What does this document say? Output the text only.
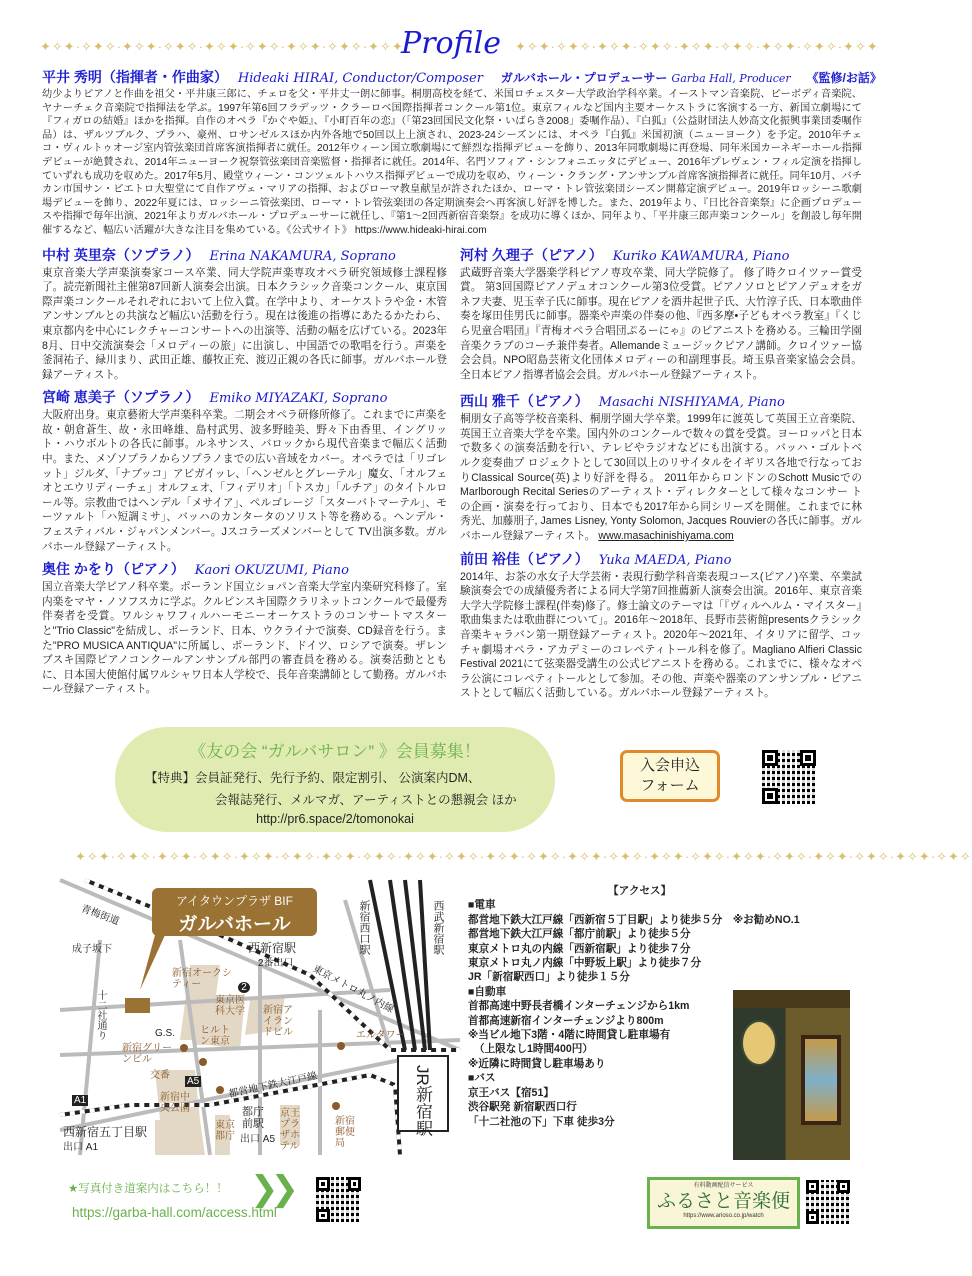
✦✧✦·✧✦✧·✦✧✦·✧✦✧·✦✧✦·✧✦✧·✦✧✦·✧✦✧·✦✧✦
Profile	✦✧✦·✧✦✧·✦✧✦·✧✦✧·✦✧✦·✧✦✧·✦✧✦·✧✦✧·✦✧✦
平井 秀明（指揮者・作曲家） Hideaki HIRAI, Conductor/Composer ガルバホール・プロデューサー Garba Hall, Producer 《監修/お話》
幼少よりピアノと作曲を祖父・平井康三郎に、チェロを父・平井丈一朗に師事。桐朋高校を経て、米国ロチェスター大学政治学科卒業。イーストマン音楽院、ピーボディ音楽院、ヤナーチェク音楽院で指揮法を学ぶ。1997年第6回フラデッツ・クラーロベ国際指揮者コンクール第1位。東京フィルなど国内主要オーケストラに客演する一方、新国立劇場にて『フィガロの結婚』ほかを指揮。自作のオペラ『かぐや姫』、『小町百年の恋』（「第23回国民文化祭・いばらき2008」委嘱作品）、『白狐』（公益財団法人妙高文化振興事業団委嘱作品）は、ザルツブルク、プラハ、豪州、ロサンゼルスほか内外各地で50回以上上演され、2023-24シーズンには、オペラ『白狐』米国初演（ニューヨーク）を予定。2010年チェコ・ヴィルトゥオージ室内管弦楽団首席客演指揮者に就任。2012年ウィーン国立歌劇場にて鮮烈な指揮デビューを飾り、2013年同歌劇場に再登場、同年米国カーネギーホール指揮デビューが絶賛され、2014年ニューヨーク祝祭管弦楽団音楽監督・指揮者に就任。2014年、名門ソフィア・シンフォニエッタにデビュー、2016年プレヴェン・フィル定演を指揮していずれも成功を収めた。2017年5月、殿堂ウィーン・コンツェルトハウス指揮デビューで成功を収め、ウィーン・クラング・アンサンブル首席客演指揮者に就任。同年10月、バチカン市国サン・ピエトロ大聖堂にて自作アヴェ・マリアの指揮、およびローマ教皇献呈が許されたほか、ローマ・トレ管弦楽団シーズン開幕定演デビュー。2019年ロッシーニ歌劇場デビューを飾り、2022年夏には、ロッシーニ管弦楽団、ローマ・トレ管弦楽団の各定期演奏会へ再客演し好評を博した。また、2019年より、『日比谷音楽祭』に企画プロデュースや指揮で毎年出演、2021年よりガルバホール・プロデューサーに就任し、『第1～2回西新宿音楽祭』を成功に導くほか、同年より、「平井康三郎声楽コンクール」を創設し毎年開催するなど、幅広い活躍が大きな注目を集めている。《公式サイト》 https://www.hideaki-hirai.com
中村 英里奈（ソプラノ） Erina NAKAMURA, Soprano
東京音楽大学声楽演奏家コース卒業、同大学院声楽専攻オペラ研究領域修士課程修了。読売新聞社主催第87回新人演奏会出演。日本クラシック音楽コンクール、東京国際声楽コンクールそれぞれにおいて上位入賞。在学中より、オーケストラや金・木管アンサンブルとの共演など幅広い活動を行う。現在は後進の指導にあたるかたわら、東京都内を中心にレクチャーコンサートへの出演等、活動の幅を広げている。2023年8月、日中交流演奏会「メロディーの旅」に出演し、中国語での歌唱を行う。声楽を釜洞祐子、緑川まり、武田正雄、藤牧正充、渡辺正親の各氏に師事。ガルバホール登録アーティスト。
宮崎 恵美子（ソプラノ） Emiko MIYAZAKI, Soprano
大阪府出身。東京藝術大学声楽科卒業。二期会オペラ研修所修了。これまでに声楽を故・朝倉蒼生、故・永田峰雄、島村武男、波多野睦美、野々下由香里、イングリット・ハウボルトの各氏に師事。ルネサンス、バロックから現代音楽まで幅広く活動中。また、メゾソプラノからソプラノまでの広い音域をカバー。オペラでは「リゴレット」ジルダ、「ナブッコ」アビガイッレ、「ヘンゼルとグレーテル」魔女、「オルフェオとエウリディーチェ」オルフェオ、「フィデリオ」「トスカ」「ルチア」のタイトルロール等。宗教曲ではヘンデル「メサイア」、ペルゴレージ「スターバトマーテル」、モーツァルト「ハ短調ミサ」、バッハのカンタータのソリスト等を務める。ヘンデル・フェスティバル・ジャパンメンバー。Jスコラーズメンバーとして TV出演多数。ガルバホール登録アーティスト。
奥住 かをり（ピアノ） Kaori OKUZUMI, Piano
国立音楽大学ピアノ科卒業。ポーランド国立ショパン音楽大学室内楽研究科修了。室内楽をマヤ・ノソフスカに学ぶ。クルピンスキ国際クラリネットコンクールで最優秀伴奏者を受賞。ワルシャワフィルハーモニーオーケストラのコンサートマスターと"Trio Classic"を結成し、ポーランド、日本、ウクライナで演奏、CD録音を行う。また"PRO MUSICA ANTIQUA"に所属し、ポーランド、ドイツ、ロシアで演奏。ザレンブスキ国際ピアノコンクールアンサンブル部門の審査員を務める。演奏活動とともに、日本国大使館付属ワルシャワ日本人学校で、長年音楽講師として勤務。ガルバホール登録アーティスト。
河村 久理子（ピアノ） Kuriko KAWAMURA, Piano
武蔵野音楽大学器楽学科ピアノ専攻卒業、同大学院修了。 修了時クロイツァー賞受賞。 第3回国際ピアノデュオコンクール第3位受賞。ピアノソロとピアノデュオをガネフ夫妻、児玉幸子氏に師事。現在ピアノを酒井起世子氏、大竹淳子氏、日本歌曲伴奏を塚田佳男氏に師事。器楽や声楽の伴奏の他、『西多摩•子どもオペラ教室』『くじら児童合唱団』『青梅オペラ合唱団ぷるーにゃ』のピアニストを務める。三輪田学園音楽クラブのコーチ兼伴奏者。Allemandeミュージックピアノ講師。クロイツァー協会会員。NPO昭島芸術文化団体メロディーの和副理事長。埼玉県音楽家協会会員。全日本ピアノ指導者協会会員。ガルバホール登録アーティスト。
西山 雅千（ピアノ） Masachi NISHIYAMA, Piano
桐朋女子高等学校音楽科、桐朋学園大学卒業。1999年に渡英して英国王立音楽院、英国王立音楽大学を卒業。国内外のコンクールで数々の賞を受賞。ヨーロッパと日本で数多くの演奏活動を行い、テレビやラジオなどにも出演する。バッハ・ゴルトベルク変奏曲プ ロジェクトとして30回以上のリサイタルをイギリス各地で行なっておりClassical Source(英)より好評を得る。 2011年からロンドンのSchott MusicでのMarlborough Recital Seriesのアーティスト・ディレクターとして様々なコンサー トの企画・演奏を行っており、日本でも2017年から同シリーズを開催。これまでに林秀光、加藤朋子, James Lisney, Yonty Solomon, Jacques Rouvierの各氏に師事。ガルバホール登録アーティスト。 www.masachinishiyama.com
前田 裕佳（ピアノ） Yuka MAEDA, Piano
2014年、お茶の水女子大学芸術・表現行動学科音楽表現コース(ピアノ)卒業、卒業試験演奏会での成績優秀者による同大学第7回推薦新人演奏会出演。2016年、東京音楽大学大学院修士課程(伴奏)修了。修士論文のテーマは「『ヴィルヘルム・マイスター』歌曲集または歌曲群について」。2016年～2018年、長野市芸術館presentsクラシック音楽キャラバン第一期登録アーティスト。2020年～2021年、イタリアに留学、コッチャ劇場オペラ・アカデミーのコレペティトール科を修了。Magliano Alfieri Classic Festival 2021にて弦楽器受講生の公式ピアニストを務める。これまでに、様々なオペラ公演にコレペティトールとして参加。その他、声楽や器楽のアンサンブル・ピアニストとして幅広く活動している。ガルバホール登録アーティスト。
《友の会 “ガルバサロン” 》会員募集！
【特典】会員証発行、先行予約、限定割引、 公演案内DM、
会報誌発行、メルマガ、アーティストとの懇親会 ほか
http://pr6.space/2/tomonokai
入会申込
フォーム
✦✧✦·✧✦✧·✦✧✦·✧✦✧·✦✧✦·✧✦✧·✦✧✦·✧✦✧·✦✧✦·✧✦✧·✦✧✦·✧✦✧·✦✧✦·✧✦✧·✦✧✦·✧✦✧·✦✧✦·✧✦✧·✦✧✦·✧✦✧·✦✧✦·✧✦✧
アイタウンプラザ BIF
ガルバホール
青梅街道
成子坂下
十二社通り
西新宿駅
2番出口
新宿オークシティー	2
東京医科大学 新宿アイランドビル
G.S. ヒルトン東京
新宿グリーンビル
交番
A5
新宿中央公園
A1
西新宿五丁目駅
出口 A1
東京メトロ丸ノ内線
都営地下鉄大江戸線
エルタワー
都庁前駅
出口 A5
東京都庁
京王プラザホテル
新宿郵便局
JR新宿駅
新宿西口駅	西武新宿駅
【アクセス】
■電車
都営地下鉄大江戸線「西新宿５丁目駅」より徒歩５分　※お勧めNO.1
都営地下鉄大江戸線「都庁前駅」より徒歩５分
東京メトロ丸の内線「西新宿駅」より徒歩７分
東京メトロ丸ノ内線「中野坂上駅」より徒歩７分
JR「新宿駅西口」より徒歩１５分
■自動車
首都高速中野長者橋インターチェンジから1km
首都高速新宿インターチェンジより800m
※当ビル地下3階・4階に時間貸し駐車場有
（上限なし1時間400円）
※近隣に時間貸し駐車場あり
■バス
京王バス【宿51】
渋谷駅発 新宿駅西口行
「十二社池の下」下車 徒歩3分
★写真付き道案内はこちら！！
https://garba-hall.com/access.html
❯❯	有料動画配信サービス
ふるさと音楽便
https://www.arioso.co.jp/watch
